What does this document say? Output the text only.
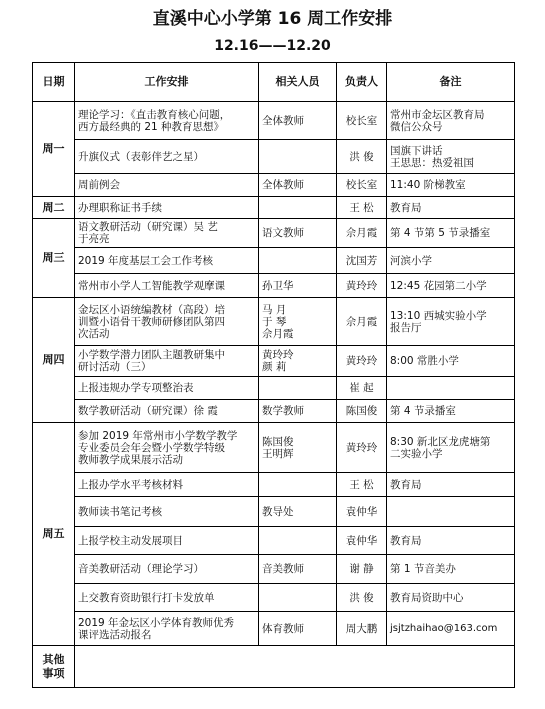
直溪中心小学第 16 周工作安排
12.16——12.20
日期	工作安排	相关人员	负责人	备注
周一	理论学习：《直击教育核心问题，
西方最经典的 21 种教育思想》	全体教师	校长室	常州市金坛区教育局
微信公众号

	升旗仪式（表彰伴艺之星）		洪 俊	国旗下讲话
王思思：热爱祖国

	周前例会	全体教师	校长室	11:40 阶梯教室

周二	办理职称证书手续		王 松	教育局

周三	语文教研活动（研究课）吴 艺
于亮亮	语文教师	佘月霞	第 4 节第 5 节录播室

	2019 年度基层工会工作考核		沈国芳	河滨小学

	常州市小学人工智能教学观摩课	孙卫华	黄玲玲	12:45 花园第二小学

周四	金坛区小语统编教材（高段）培
训暨小语骨干教师研修团队第四
次活动	马 月
于 琴
佘月霞	佘月霞	13:10 西城实验小学
报告厅

	小学数学潜力团队主题教研集中
研讨活动（三）	黄玲玲
颜 莉	黄玲玲	8:00 常胜小学

	上报违规办学专项整治表		崔 起	

	数学教研活动（研究课）徐 霞	数学教师	陈国俊	第 4 节录播室

周五	参加 2019 年常州市小学数学教学
专业委员会年会暨小学数学特级
教师教学成果展示活动	陈国俊
王明辉	黄玲玲	8:30 新北区龙虎塘第
二实验小学

	上报办学水平考核材料		王 松	教育局

	教师读书笔记考核	教导处	袁仲华	

	上报学校主动发展项目		袁仲华	教育局

	音美教研活动（理论学习）	音美教师	谢 静	第 1 节音美办

	上交教育资助银行打卡发放单		洪 俊	教育局资助中心

	2019 年金坛区小学体育教师优秀
课评选活动报名	体育教师	周大鹏	jsjtzhaihao@163.com

其他事项				
